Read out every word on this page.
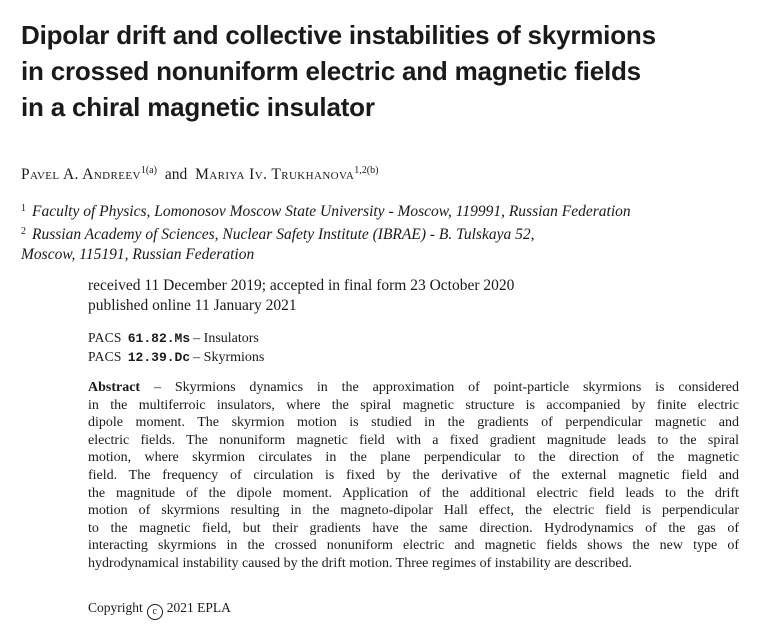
Dipolar drift and collective instabilities of skyrmions
in crossed nonuniform electric and magnetic fields
in a chiral magnetic insulator
Pavel A. Andreev$^{1(a)}$ and Mariya Iv. Trukhanova$^{1,2(b)}$
$^1$ Faculty of Physics, Lomonosov Moscow State University - Moscow, 119991, Russian Federation
$^2$ Russian Academy of Sciences, Nuclear Safety Institute (IBRAE) - B. Tulskaya 52,
Moscow, 115191, Russian Federation
received 11 December 2019; accepted in final form 23 October 2020
published online 11 January 2021
PACS 61.82.Ms – Insulators
PACS 12.39.Dc – Skyrmions
Abstract – Skyrmions dynamics in the approximation of point-particle skyrmions is considered
in the multiferroic insulators, where the spiral magnetic structure is accompanied by finite electric
dipole moment. The skyrmion motion is studied in the gradients of perpendicular magnetic and
electric fields. The nonuniform magnetic field with a fixed gradient magnitude leads to the spiral
motion, where skyrmion circulates in the plane perpendicular to the direction of the magnetic
field. The frequency of circulation is fixed by the derivative of the external magnetic field and
the magnitude of the dipole moment. Application of the additional electric field leads to the drift
motion of skyrmions resulting in the magneto-dipolar Hall effect, the electric field is perpendicular
to the magnetic field, but their gradients have the same direction. Hydrodynamics of the gas of
interacting skyrmions in the crossed nonuniform electric and magnetic fields shows the new type of
hydrodynamical instability caused by the drift motion. Three regimes of instability are described.
Copyright c 2021 EPLA
